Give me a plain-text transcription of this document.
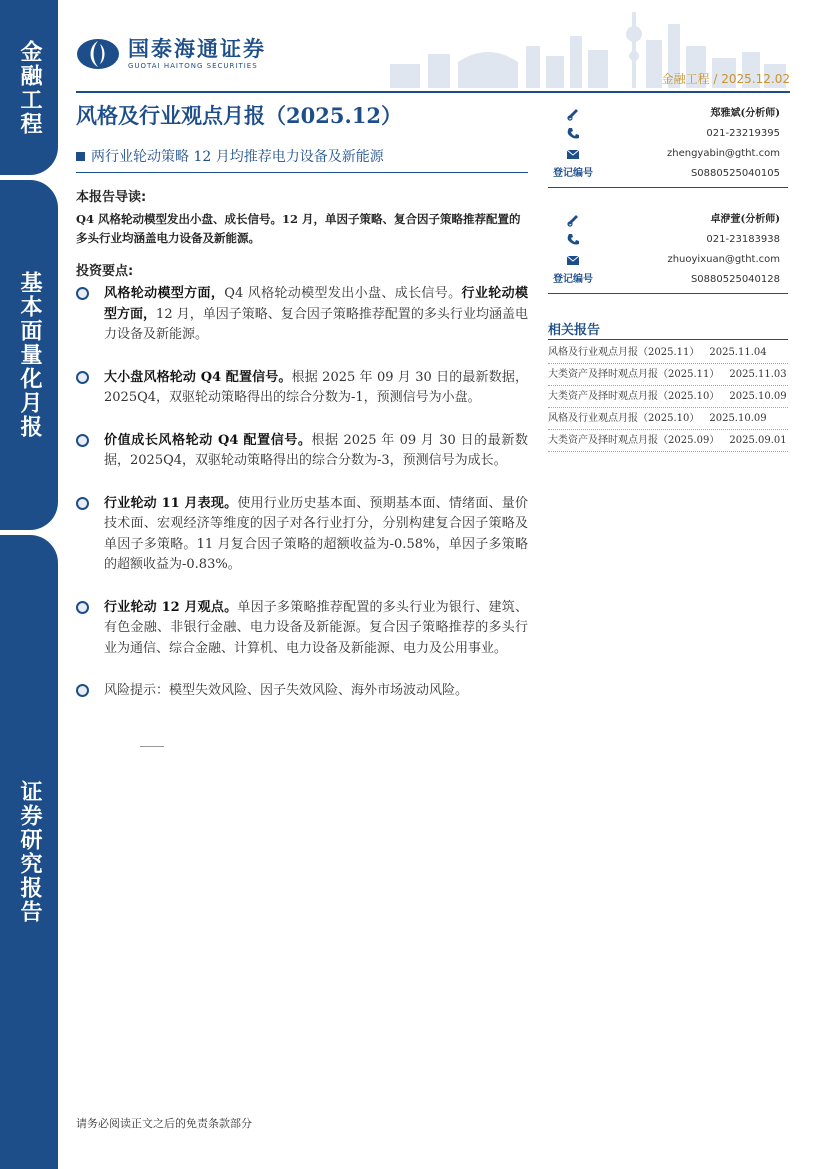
金融工程
基本面量化月报
证券研究报告
国泰海通证券
GUOTAI HAITONG SECURITIES
金融工程 / 2025.12.02
风格及行业观点月报（2025.12）
两行业轮动策略 12 月均推荐电力设备及新能源
本报告导读:
Q4 风格轮动模型发出小盘、成长信号。12 月，单因子策略、复合因子策略推荐配置的多头行业均涵盖电力设备及新能源。
投资要点:
风格轮动模型方面，Q4 风格轮动模型发出小盘、成长信号。行业轮动模型方面，12 月，单因子策略、复合因子策略推荐配置的多头行业均涵盖电力设备及新能源。
大小盘风格轮动 Q4 配置信号。根据 2025 年 09 月 30 日的最新数据，2025Q4，双驱轮动策略得出的综合分数为-1，预测信号为小盘。
价值成长风格轮动 Q4 配置信号。根据 2025 年 09 月 30 日的最新数据，2025Q4，双驱轮动策略得出的综合分数为-3，预测信号为成长。
行业轮动 11 月表现。使用行业历史基本面、预期基本面、情绪面、量价技术面、宏观经济等维度的因子对各行业打分，分别构建复合因子策略及单因子多策略。11 月复合因子策略的超额收益为-0.58%，单因子多策略的超额收益为-0.83%。
行业轮动 12 月观点。单因子多策略推荐配置的多头行业为银行、建筑、有色金融、非银行金融、电力设备及新能源。复合因子策略推荐的多头行业为通信、综合金融、计算机、电力设备及新能源、电力及公用事业。
风险提示：模型失效风险、因子失效风险、海外市场波动风险。
郑雅斌(分析师)
021-23219395
zhengyabin@gtht.com
登记编号	S0880525040105
卓洢萱(分析师)
021-23183938
zhuoyixuan@gtht.com
登记编号	S0880525040128
相关报告
风格及行业观点月报（2025.11） 2025.11.04
大类资产及择时观点月报（2025.11） 2025.11.03
大类资产及择时观点月报（2025.10） 2025.10.09
风格及行业观点月报（2025.10） 2025.10.09
大类资产及择时观点月报（2025.09） 2025.09.01
请务必阅读正文之后的免责条款部分
